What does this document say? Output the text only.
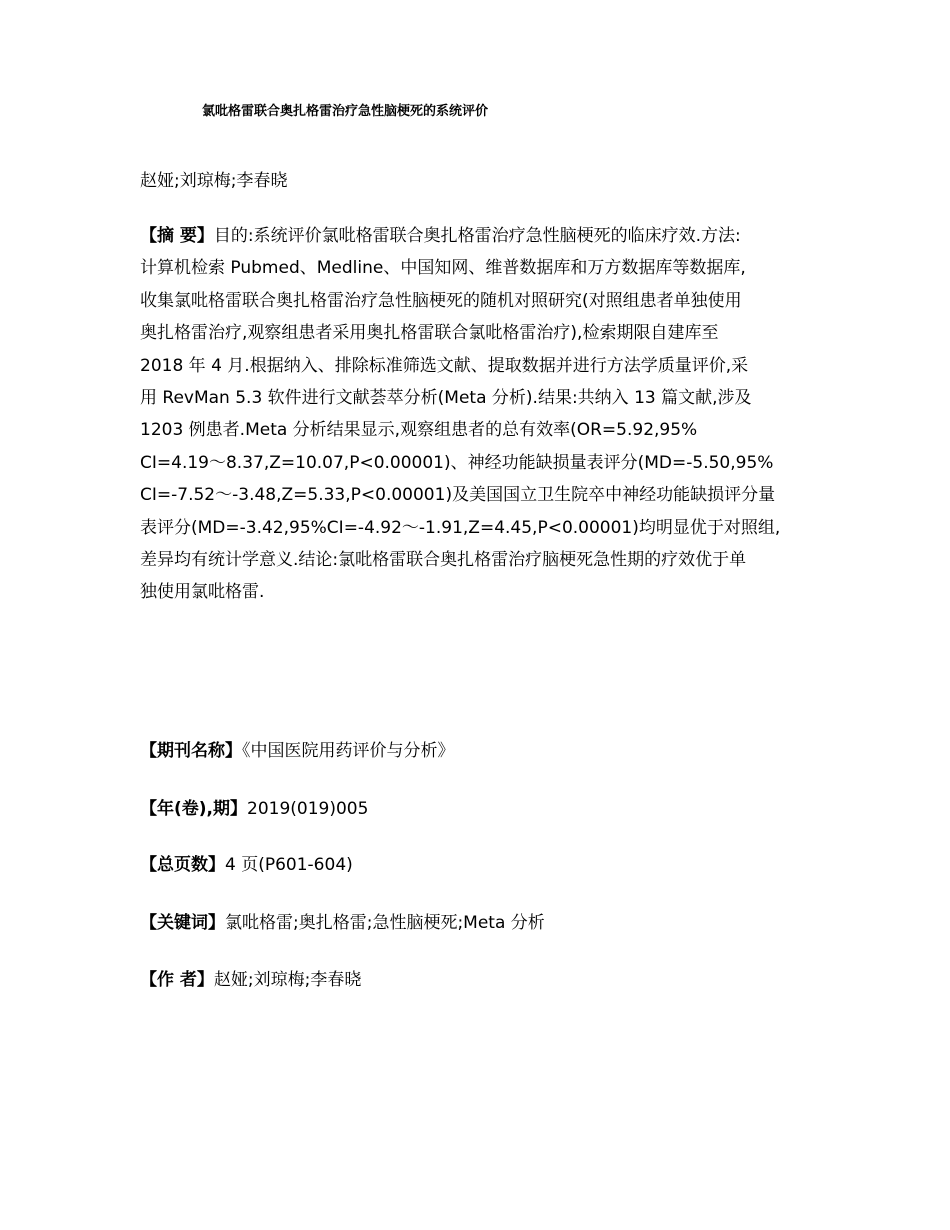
氯吡格雷联合奥扎格雷治疗急性脑梗死的系统评价
赵娅;刘琼梅;李春晓

【摘 要】目的:系统评价氯吡格雷联合奥扎格雷治疗急性脑梗死的临床疗效.方法:
计算机检索 Pubmed、Medline、中国知网、维普数据库和万方数据库等数据库,
收集氯吡格雷联合奥扎格雷治疗急性脑梗死的随机对照研究(对照组患者单独使用
奥扎格雷治疗,观察组患者采用奥扎格雷联合氯吡格雷治疗),检索期限自建库至
2018 年 4 月.根据纳入、排除标准筛选文献、提取数据并进行方法学质量评价,采
用 RevMan 5.3 软件进行文献荟萃分析(Meta 分析).结果:共纳入 13 篇文献,涉及
1203 例患者.Meta 分析结果显示,观察组患者的总有效率(OR=5.92,95%
CI=4.19～8.37,Z=10.07,P<0.00001)、神经功能缺损量表评分(MD=-5.50,95%
CI=-7.52～-3.48,Z=5.33,P<0.00001)及美国国立卫生院卒中神经功能缺损评分量
表评分(MD=-3.42,95%CI=-4.92～-1.91,Z=4.45,P<0.00001)均明显优于对照组,
差异均有统计学意义.结论:氯吡格雷联合奥扎格雷治疗脑梗死急性期的疗效优于单
独使用氯吡格雷.

【期刊名称】《中国医院用药评价与分析》
【年(卷),期】2019(019)005
【总页数】4 页(P601-604)
【关键词】氯吡格雷;奥扎格雷;急性脑梗死;Meta 分析
【作 者】赵娅;刘琼梅;李春晓
